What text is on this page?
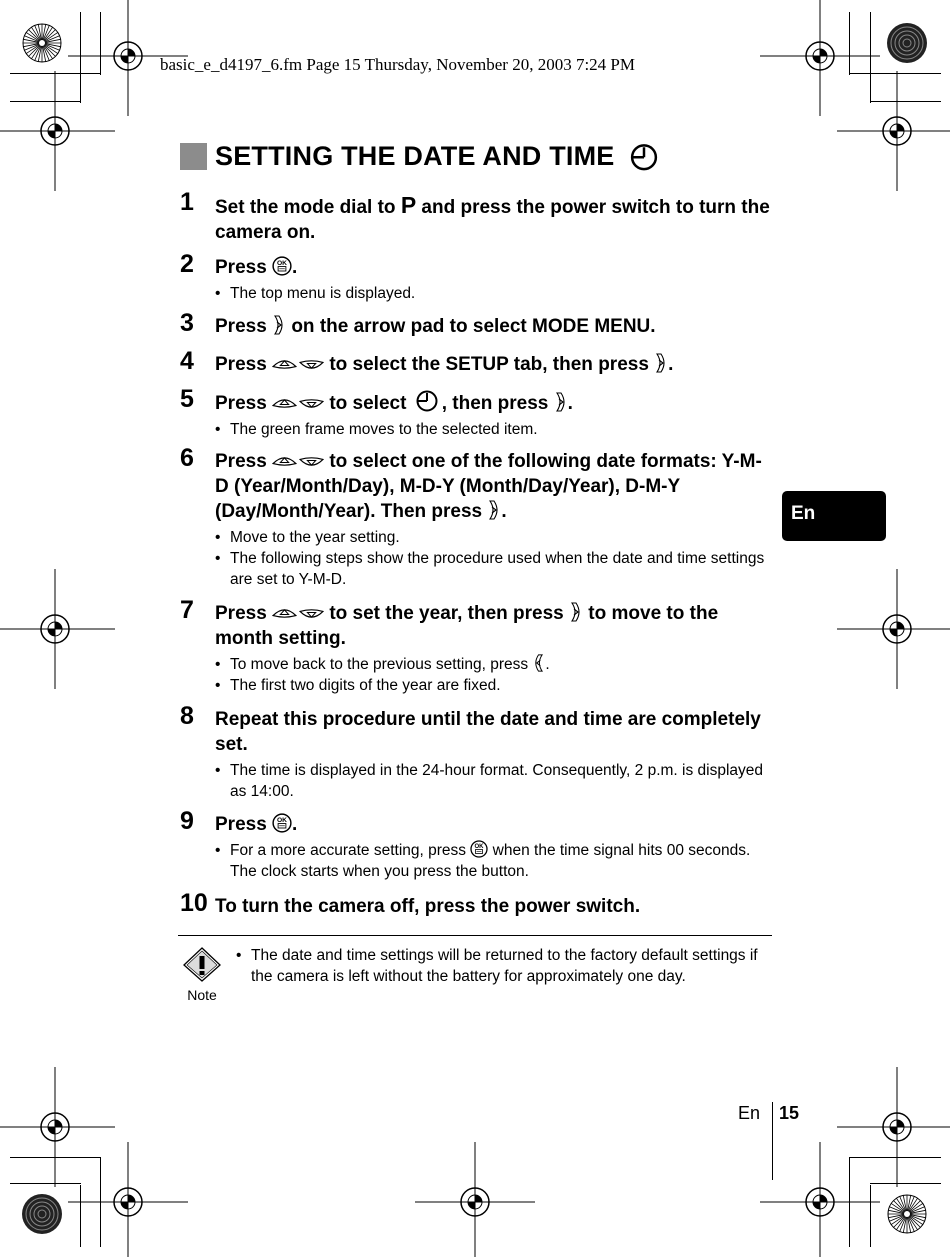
basic_e_d4197_6.fm Page 15 Thursday, November 20, 2003 7:24 PM
SETTING THE DATE AND TIME
1 Set the mode dial to P and press the power switch to turn the camera on.
2 Press .
• The top menu is displayed.
3 Press  on the arrow pad to select MODE MENU.
4 Press	to select the SETUP tab, then press .
5 Press	to select , then press .
• The green frame moves to the selected item.
6 Press	to select one of the following date formats: Y-M-D (Year/Month/Day), M-D-Y (Month/Day/Year), D-M-Y (Day/Month/Year). Then press .
• Move to the year setting.
• The following steps show the procedure used when the date and time settings are set to Y-M-D.
7 Press	to set the year, then press  to move to the month setting.
• To move back to the previous setting, press .
• The first two digits of the year are fixed.
8 Repeat this procedure until the date and time are completely set.
• The time is displayed in the 24-hour format. Consequently, 2 p.m. is displayed as 14:00.
9 Press .
• For a more accurate setting, press  when the time signal hits 00 seconds. The clock starts when you press the button.
10 To turn the camera off, press the power switch.
Note
• The date and time settings will be returned to the factory default settings if the camera is left without the battery for approximately one day.
En
En 15
